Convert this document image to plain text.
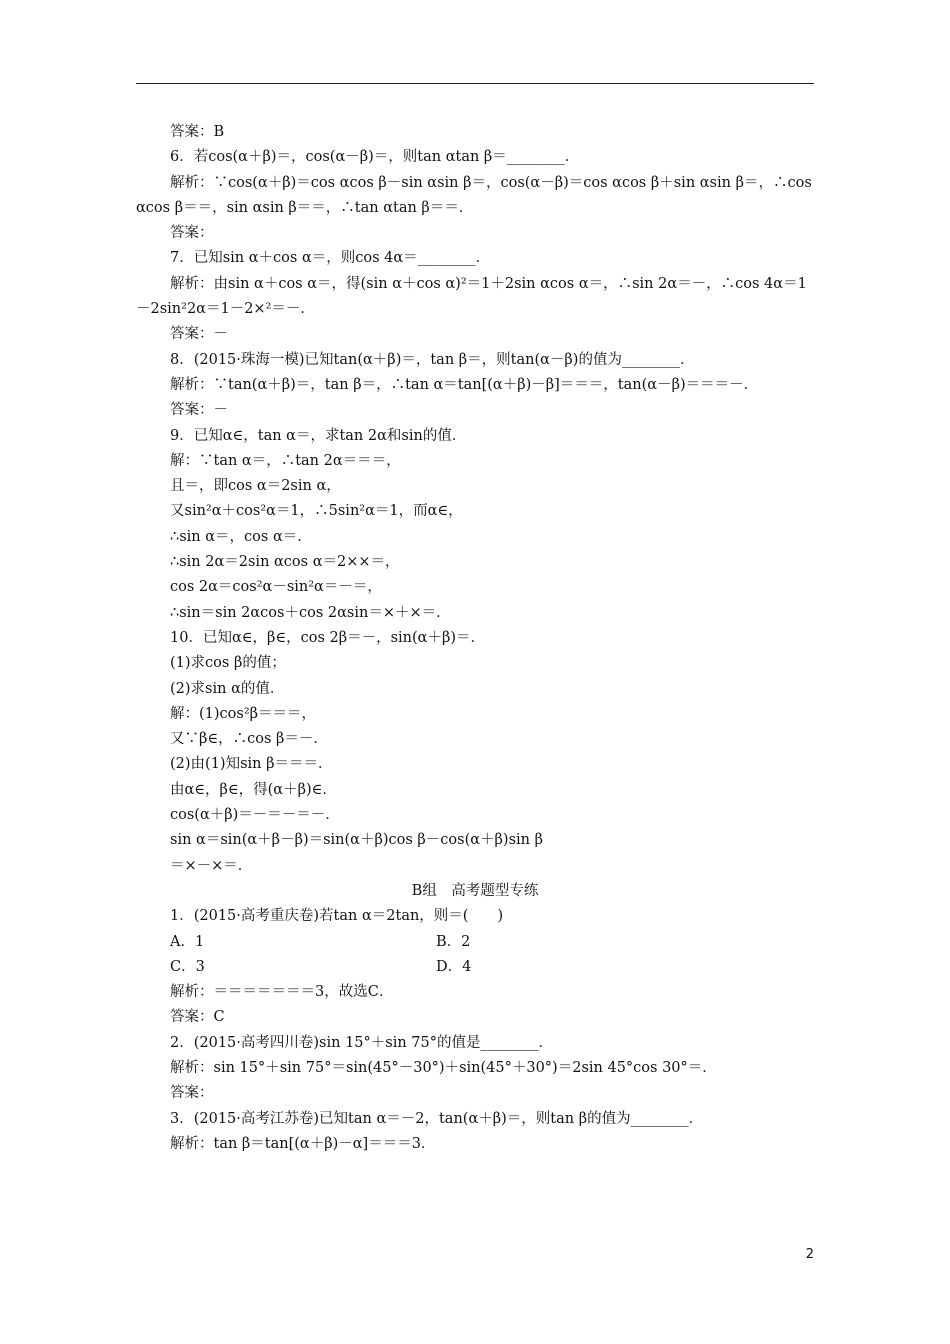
答案：B
6．若cos(α＋β)＝，cos(α－β)＝，则tan αtan β＝________．
解析：∵cos(α＋β)＝cos αcos β－sin αsin β＝，cos(α－β)＝cos αcos β＋sin αsin β＝，∴cos αcos β＝＝，sin αsin β＝＝，∴tan αtan β＝＝．
答案：
7．已知sin α＋cos α＝，则cos 4α＝________．
解析：由sin α＋cos α＝，得(sin α＋cos α)²＝1＋2sin αcos α＝，∴sin 2α＝－，∴cos 4α＝1－2sin²2α＝1－2×²＝－．
答案：－
8．(2015·珠海一模)已知tan(α＋β)＝，tan β＝，则tan(α－β)的值为________．
解析：∵tan(α＋β)＝，tan β＝，∴tan α＝tan[(α＋β)－β]＝＝＝，tan(α－β)＝＝＝－．
答案：－
9．已知α∈，tan α＝，求tan 2α和sin的值．
解：∵tan α＝，∴tan 2α＝＝＝，
且＝，即cos α＝2sin α，
又sin²α＋cos²α＝1，∴5sin²α＝1，而α∈，
∴sin α＝，cos α＝．
∴sin 2α＝2sin αcos α＝2××＝，
cos 2α＝cos²α－sin²α＝－＝，
∴sin＝sin 2αcos＋cos 2αsin＝×＋×＝．
10．已知α∈，β∈，cos 2β＝－，sin(α＋β)＝．
(1)求cos β的值；
(2)求sin α的值．
解：(1)cos²β＝＝＝，
又∵β∈，∴cos β＝－．
(2)由(1)知sin β＝＝＝．
由α∈，β∈，得(α＋β)∈．
cos(α＋β)＝－＝－＝－．
sin α＝sin(α＋β－β)＝sin(α＋β)cos β－cos(α＋β)sin β
＝×－×＝．
B组　高考题型专练
1．(2015·高考重庆卷)若tan α＝2tan，则＝(　　)
A．1	B．2
C．3	D．4
解析：＝＝＝＝＝＝＝3，故选C．
答案：C
2．(2015·高考四川卷)sin 15°＋sin 75°的值是________．
解析：sin 15°＋sin 75°＝sin(45°－30°)＋sin(45°＋30°)＝2sin 45°cos 30°＝．
答案：
3．(2015·高考江苏卷)已知tan α＝－2，tan(α＋β)＝，则tan β的值为________．
解析：tan β＝tan[(α＋β)－α]＝＝＝3．
2
